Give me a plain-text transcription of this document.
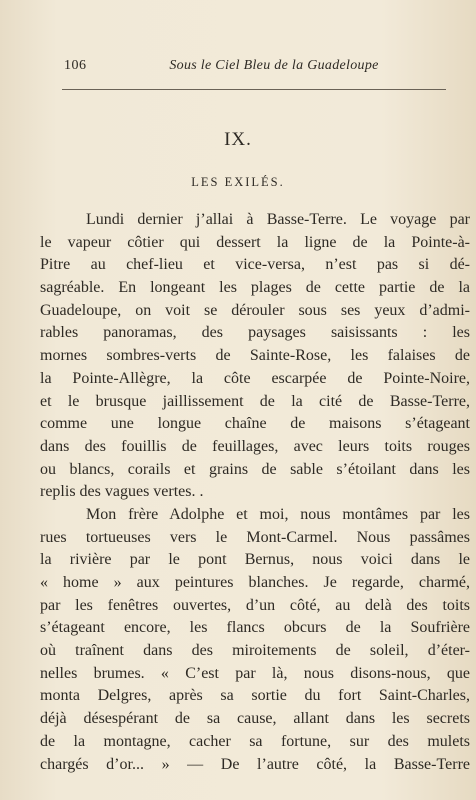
106	Sous le Ciel Bleu de la Guadeloupe
IX.
LES EXILÉS.
Lundi dernier j’allai à Basse-Terre. Le voyage par
le vapeur côtier qui dessert la ligne de la Pointe-à-
Pitre au chef-lieu et vice-versa, n’est pas si dé-
sagréable. En longeant les plages de cette partie de la
Guadeloupe, on voit se dérouler sous ses yeux d’admi-
rables panoramas, des paysages saisissants : les
mornes sombres-verts de Sainte-Rose, les falaises de
la Pointe-Allègre, la côte escarpée de Pointe-Noire,
et le brusque jaillissement de la cité de Basse-Terre,
comme une longue chaîne de maisons s’étageant
dans des fouillis de feuillages, avec leurs toits rouges
ou blancs, corails et grains de sable s’étoilant dans les
replis des vagues vertes. .
Mon frère Adolphe et moi, nous montâmes par les
rues tortueuses vers le Mont-Carmel. Nous passâmes
la rivière par le pont Bernus, nous voici dans le
« home » aux peintures blanches. Je regarde, charmé,
par les fenêtres ouvertes, d’un côté, au delà des toits
s’étageant encore, les flancs obcurs de la Soufrière
où traînent dans des miroitements de soleil, d’éter-
nelles brumes. « C’est par là, nous disons-nous, que
monta Delgres, après sa sortie du fort Saint-Charles,
déjà désespérant de sa cause, allant dans les secrets
de la montagne, cacher sa fortune, sur des mulets
chargés d’or... » — De l’autre côté, la Basse-Terre
